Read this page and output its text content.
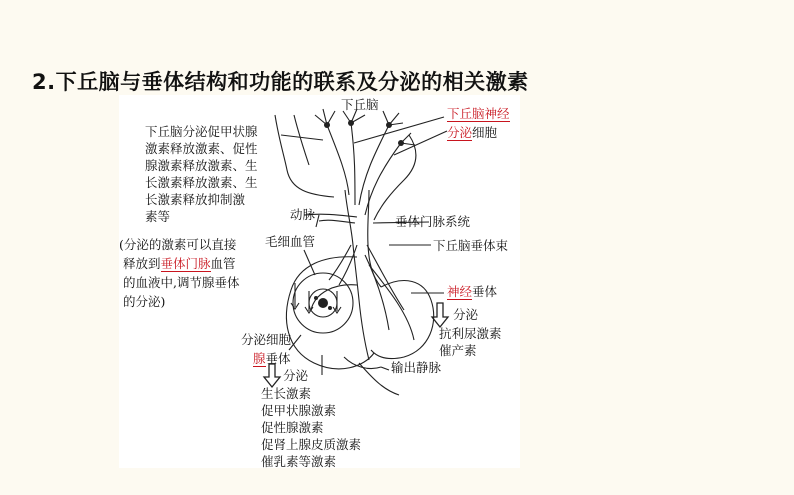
2.下丘脑与垂体结构和功能的联系及分泌的相关激素
下丘脑
下丘脑神经
分泌细胞
下丘脑分泌促甲状腺
激素释放激素、促性
腺激素释放激素、生
长激素释放激素、生
长激素释放抑制激
素等	动脉	垂体门脉系统
毛细血管	下丘脑垂体束
(分泌的激素可以直接
释放到垂体门脉血管
的血液中,调节腺垂体
的分泌)
神经垂体
分泌
抗利尿激素
催产素
分泌细胞
腺垂体
输出静脉
分泌
生长激素
促甲状腺激素
促性腺激素
促肾上腺皮质激素
催乳素等激素
